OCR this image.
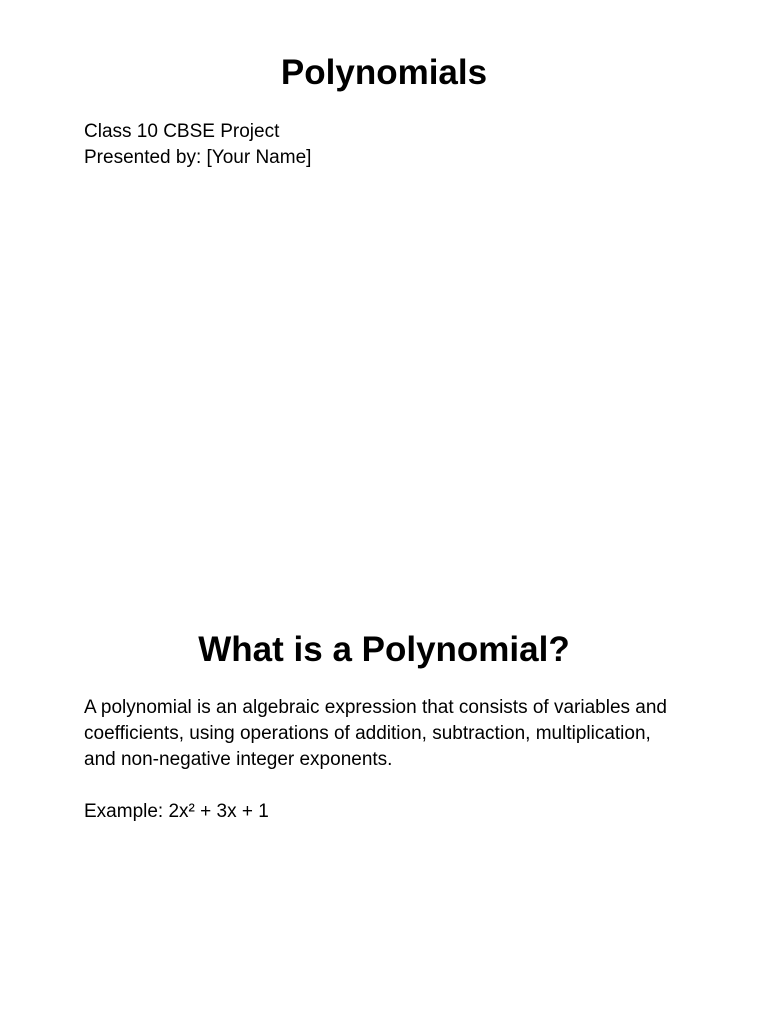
Polynomials
Class 10 CBSE Project
Presented by: [Your Name]
What is a Polynomial?
A polynomial is an algebraic expression that consists of variables and
coefficients, using operations of addition, subtraction, multiplication,
and non-negative integer exponents.
Example: 2x² + 3x + 1
